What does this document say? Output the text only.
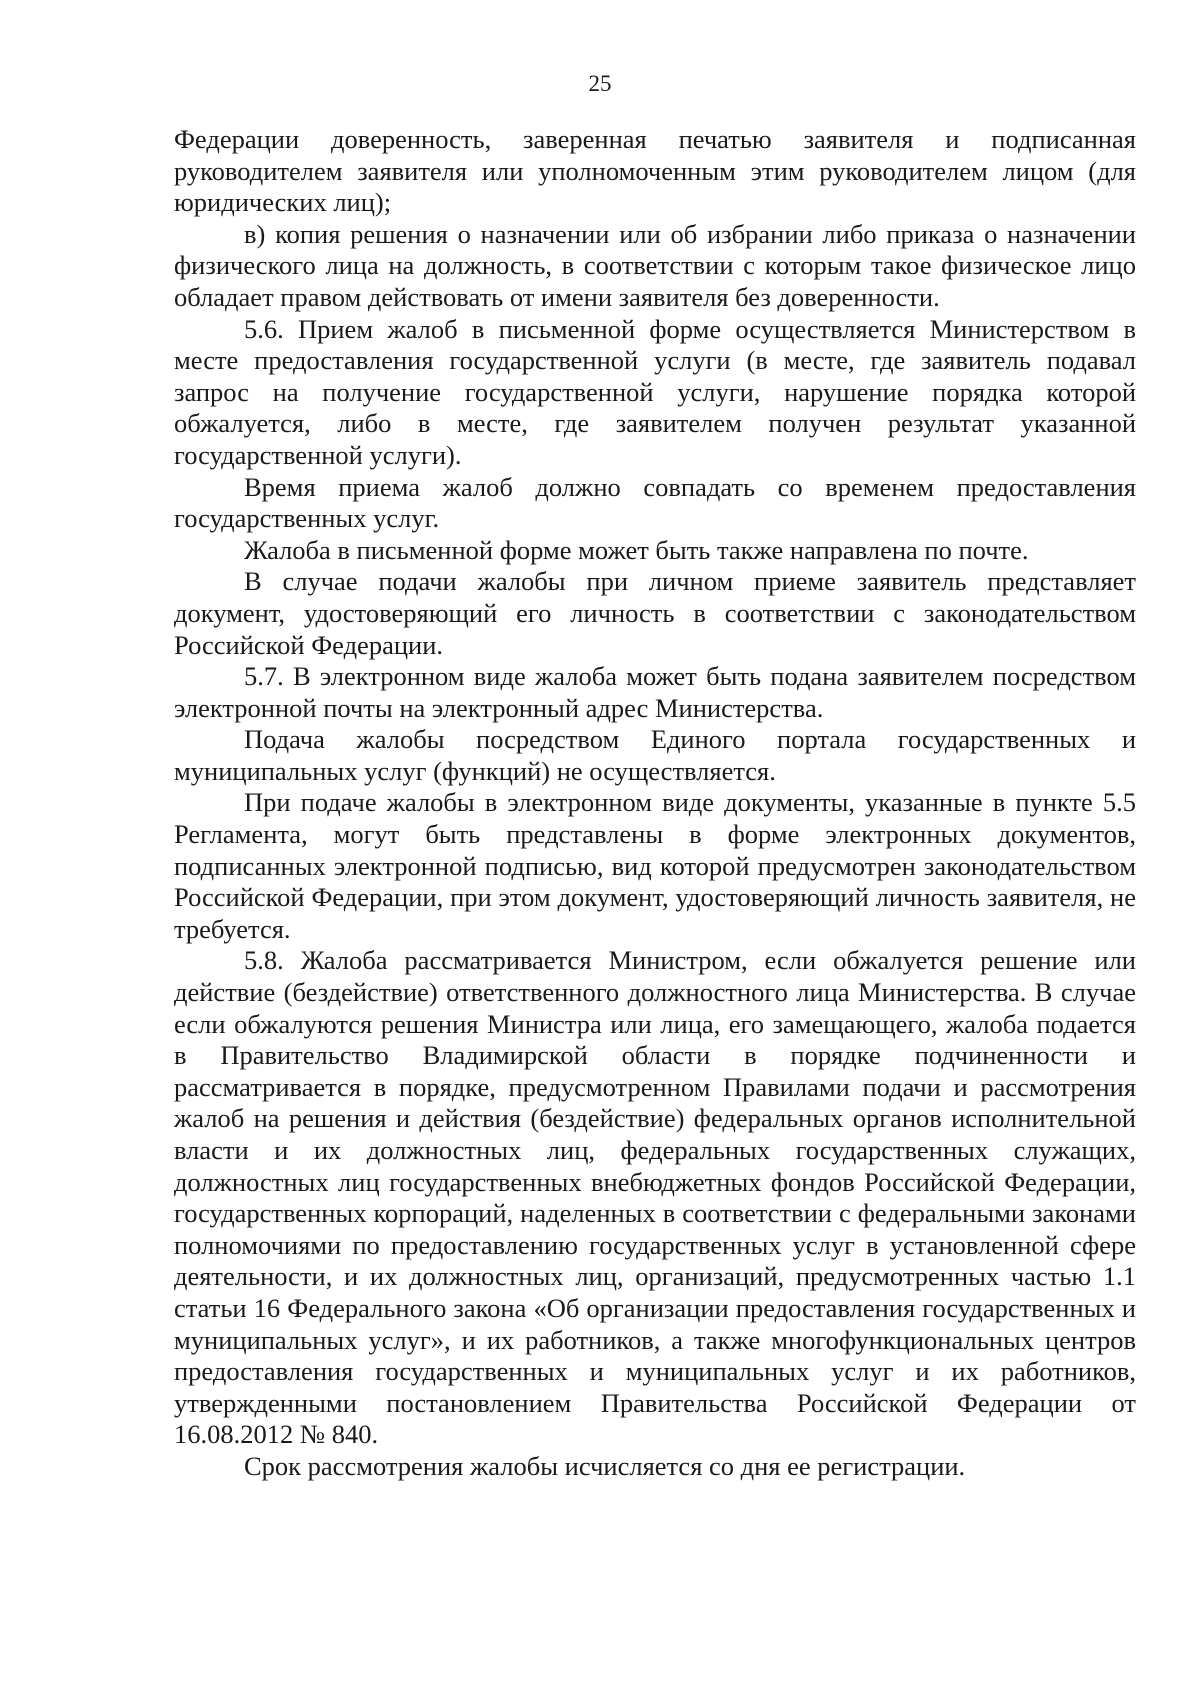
25

Федерации доверенность, заверенная печатью заявителя и подписанная руководителем заявителя или уполномоченным этим руководителем лицом (для юридических лиц);

в) копия решения о назначении или об избрании либо приказа о назначении физического лица на должность, в соответствии с которым такое физическое лицо обладает правом действовать от имени заявителя без доверенности.

5.6. Прием жалоб в письменной форме осуществляется Министерством в месте предоставления государственной услуги (в месте, где заявитель подавал запрос на получение государственной услуги, нарушение порядка которой обжалуется, либо в месте, где заявителем получен результат указанной государственной услуги).

Время приема жалоб должно совпадать со временем предоставления государственных услуг.

Жалоба в письменной форме может быть также направлена по почте.

В случае подачи жалобы при личном приеме заявитель представляет документ, удостоверяющий его личность в соответствии с законодательством Российской Федерации.

5.7. В электронном виде жалоба может быть подана заявителем посредством электронной почты на электронный адрес Министерства.

Подача жалобы посредством Единого портала государственных и муниципальных услуг (функций) не осуществляется.

При подаче жалобы в электронном виде документы, указанные в пункте 5.5 Регламента, могут быть представлены в форме электронных документов, подписанных электронной подписью, вид которой предусмотрен законодательством Российской Федерации, при этом документ, удостоверяющий личность заявителя, не требуется.

5.8. Жалоба рассматривается Министром, если обжалуется решение или действие (бездействие) ответственного должностного лица Министерства. В случае если обжалуются решения Министра или лица, его замещающего, жалоба подается в Правительство Владимирской области в порядке подчиненности и рассматривается в порядке, предусмотренном Правилами подачи и рассмотрения жалоб на решения и действия (бездействие) федеральных органов исполнительной власти и их должностных лиц, федеральных государственных служащих, должностных лиц государственных внебюджетных фондов Российской Федерации, государственных корпораций, наделенных в соответствии с федеральными законами полномочиями по предоставлению государственных услуг в установленной сфере деятельности, и их должностных лиц, организаций, предусмотренных частью 1.1 статьи 16 Федерального закона «Об организации предоставления государственных и муниципальных услуг», и их работников, а также многофункциональных центров предоставления государственных и муниципальных услуг и их работников, утвержденными постановлением Правительства Российской Федерации от 16.08.2012 № 840.

Срок рассмотрения жалобы исчисляется со дня ее регистрации.
